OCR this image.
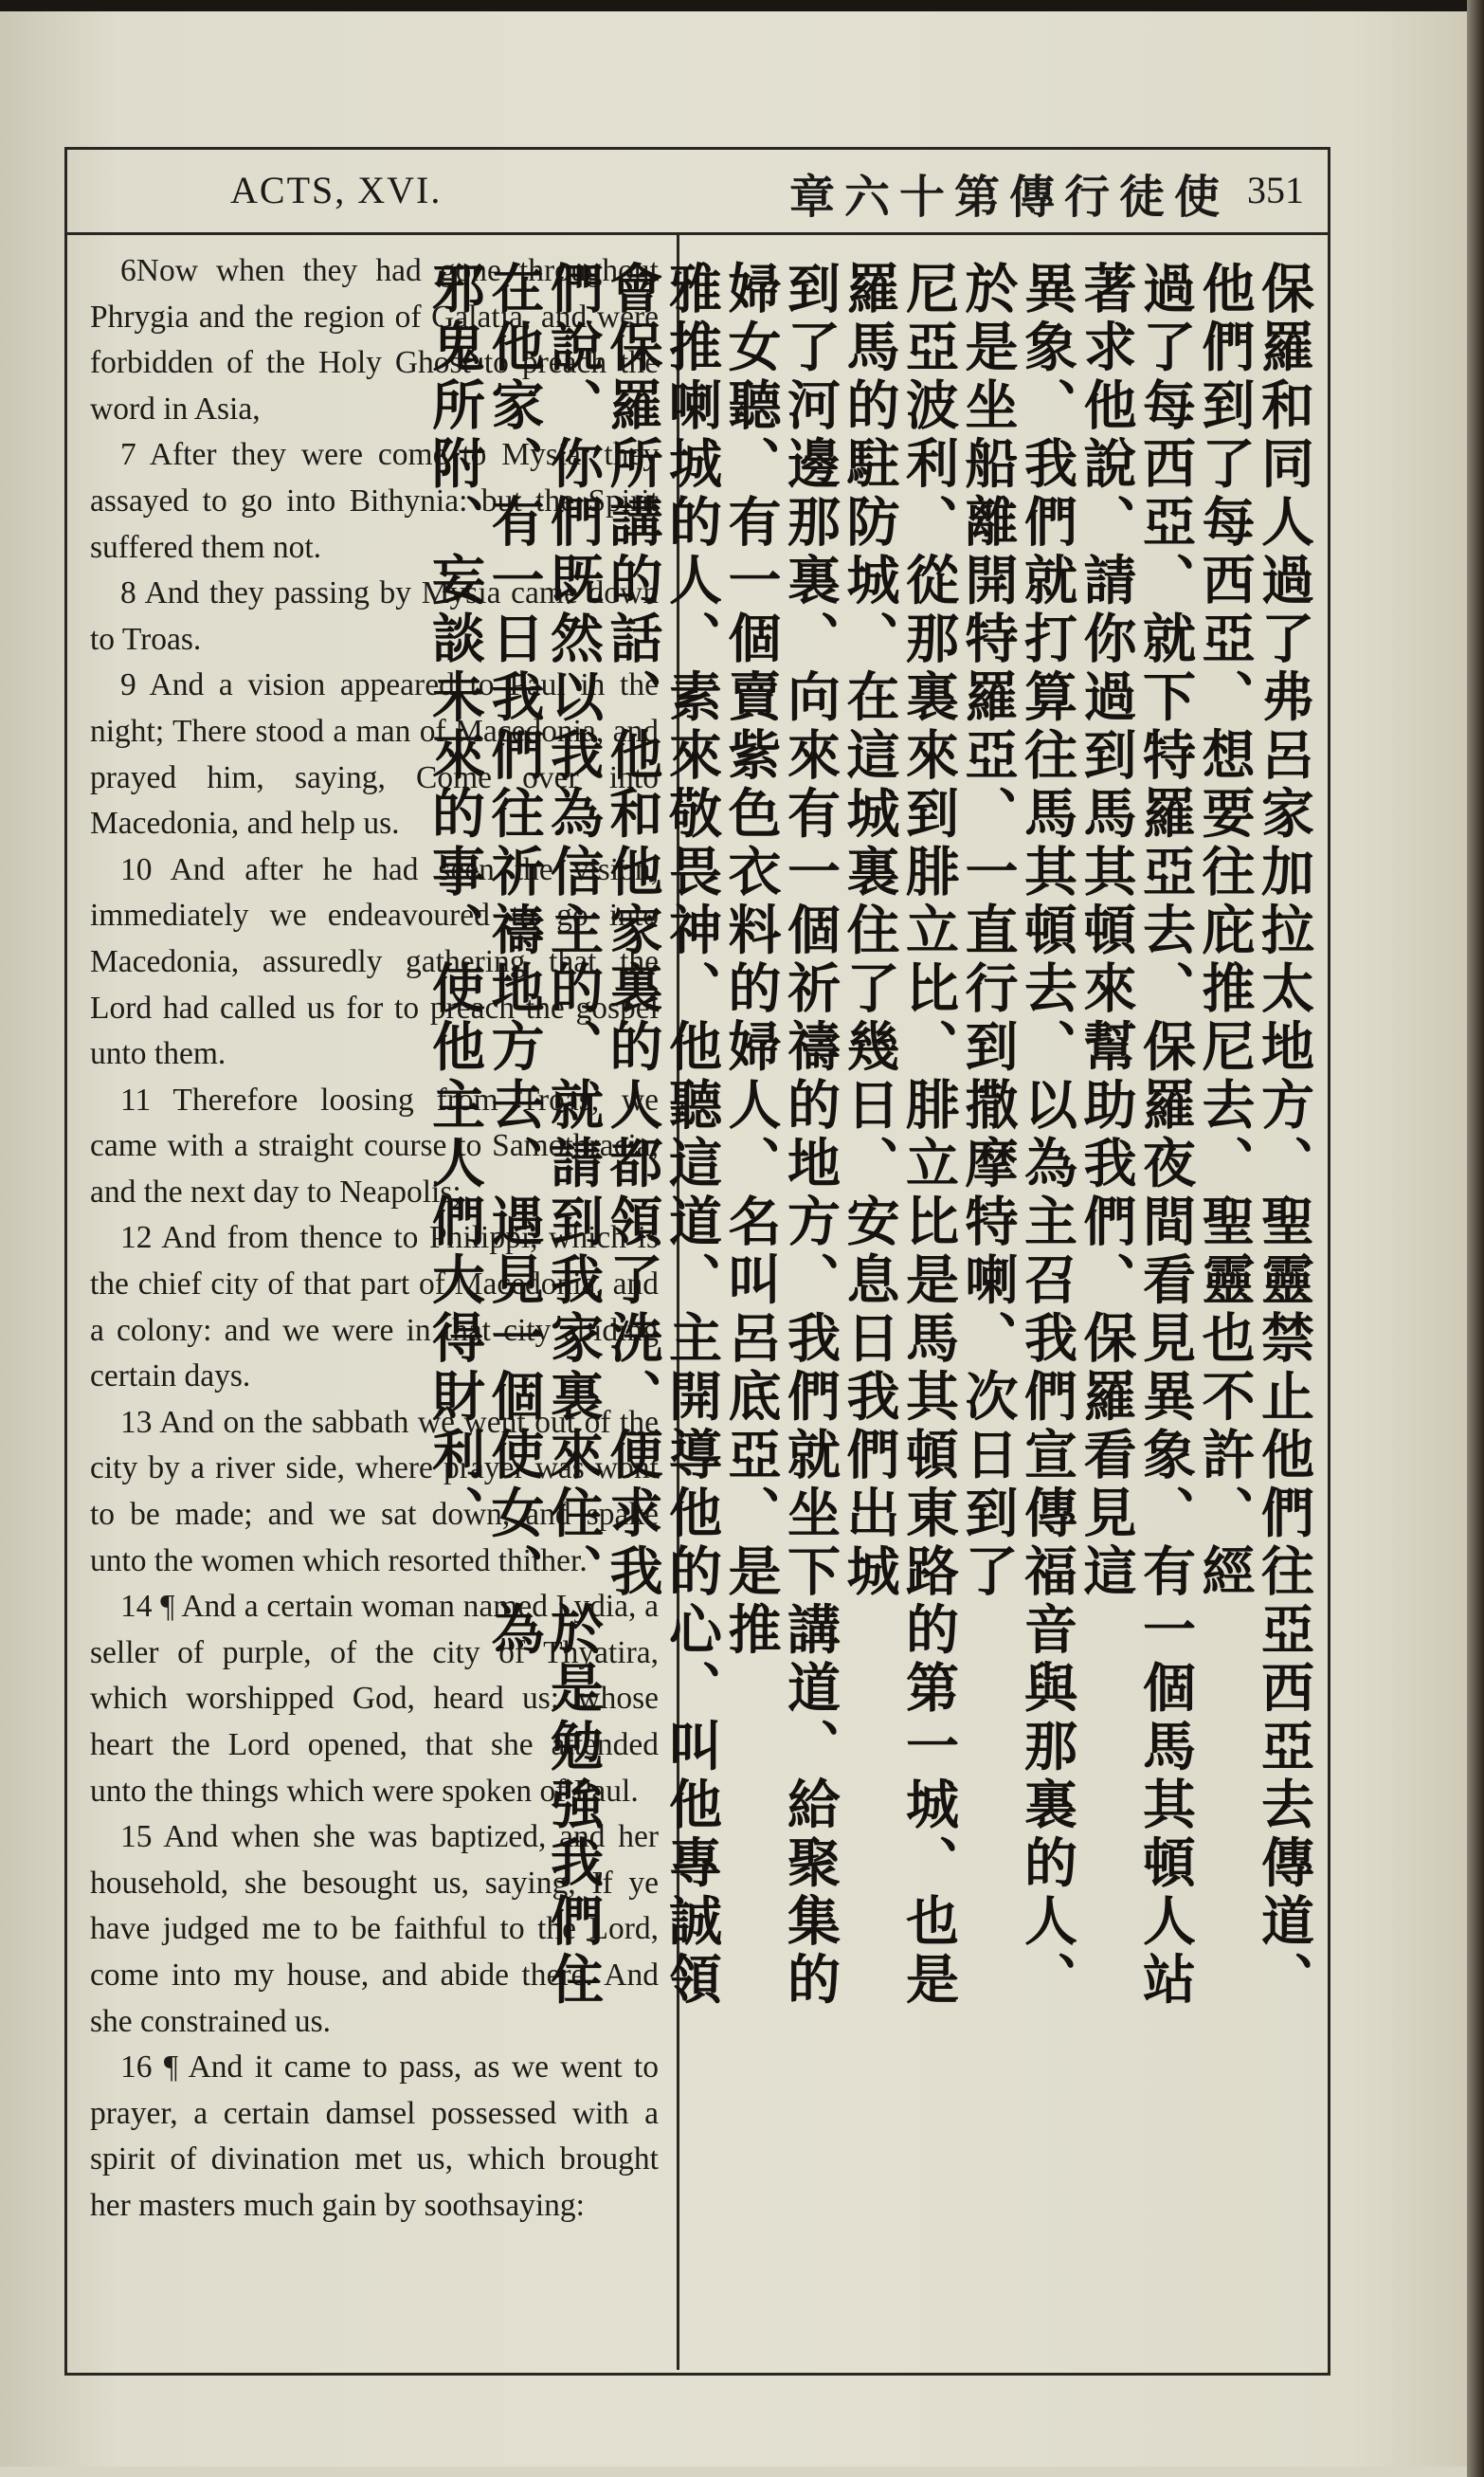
ACTS, XVI.	章六十第傳行徒使 351

6Now when they had gone throughout Phrygia and the region of Galatia, and were forbidden of the Holy Ghost to preach the word in Asia,

7 After they were come to Mysia, they assayed to go into Bithynia: but the Spirit suffered them not.

8 And they passing by Mysia came down to Troas.

9 And a vision appeared to Paul in the night; There stood a man of Macedonia, and prayed him, saying, Come over into Macedonia, and help us.

10 And after he had seen the vision, immediately we endeavoured to go into Macedonia, assuredly gathering that the Lord had called us for to preach the gospel unto them.

11 Therefore loosing from Troas, we came with a straight course to Samothracia, and the next day to Neapolis;

12 And from thence to Philippi, which is the chief city of that part of Macedonia, and a colony: and we were in that city abiding certain days.

13 And on the sabbath we went out of the city by a river side, where prayer was wont to be made; and we sat down, and spake unto the women which resorted thither.

14 ¶ And a certain woman named Lydia, a seller of purple, of the city of Thyatira, which worshipped God, heard us: whose heart the Lord opened, that she attended unto the things which were spoken of Paul.

15 And when she was baptized, and her household, she besought us, saying, If ye have judged me to be faithful to the Lord, come into my house, and abide there. And she constrained us.

16 ¶ And it came to pass, as we went to prayer, a certain damsel possessed with a spirit of divination met us, which brought her masters much gain by soothsaying:

保羅和同人過了弗呂家加拉太地方、聖靈禁止他們往亞西亞去傳道、他們到了每西亞、想要往庇推尼去、聖靈也不許、經

過了每西亞、就下特羅亞去、保羅夜間看見異象、有一個馬其頓人站著求他說、請你過到馬其頓來幫助我們、保羅看見這

異象、我們就打算往馬其頓去、以為主召我們宣傳福音與那裏的人、於是坐船離開特羅亞、一直行到撒摩特喇、次日到了

尼亞波利、從那裏來到腓立比、腓立比是馬其頓東路的第一城、也是羅馬的駐防城、在這城裏住了幾日、安息日我們出城

到了河邊那裏、向來有一個祈禱的地方、我們就坐下講道、給聚集的婦女聽、有一個賣紫色衣料的婦人、名叫呂底亞、是推

雅推喇城的人、素來敬畏神、他聽這道、主開導他的心、叫他專誠領會保羅所講的話、他和他家裏的人都領了洗、便求我

們說、你們既然以我為信主的、就請到我家裏來住、於是勉強我們住在他家、有一日我們往祈禱地方去、遇見一個使女、為

邪鬼所附、妄談未來的事、使他主人們大得財利、
